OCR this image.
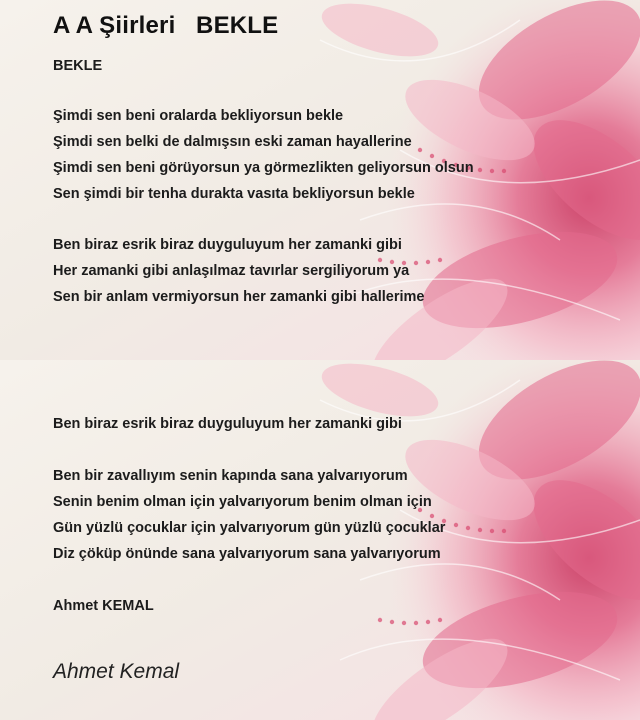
A A Şiirleri   BEKLE
BEKLE
Şimdi sen beni oralarda bekliyorsun bekle
Şimdi sen belki de dalmışsın eski zaman hayallerine
Şimdi sen beni görüyorsun ya görmezlikten geliyorsun olsun
Sen şimdi bir tenha durakta vasıta bekliyorsun bekle
Ben biraz esrik biraz duyguluyum her zamanki gibi
Her zamanki gibi anlaşılmaz tavırlar sergiliyorum ya
Sen bir anlam vermiyorsun her zamanki gibi hallerime
Ben biraz esrik biraz duyguluyum her zamanki gibi
Ben bir zavallıyım senin kapında sana yalvarıyorum
Senin benim olman için yalvarıyorum benim olman için
Gün yüzlü çocuklar için yalvarıyorum gün yüzlü çocuklar
Diz çöküp önünde sana yalvarıyorum sana yalvarıyorum
Ahmet KEMAL
Ahmet Kemal
